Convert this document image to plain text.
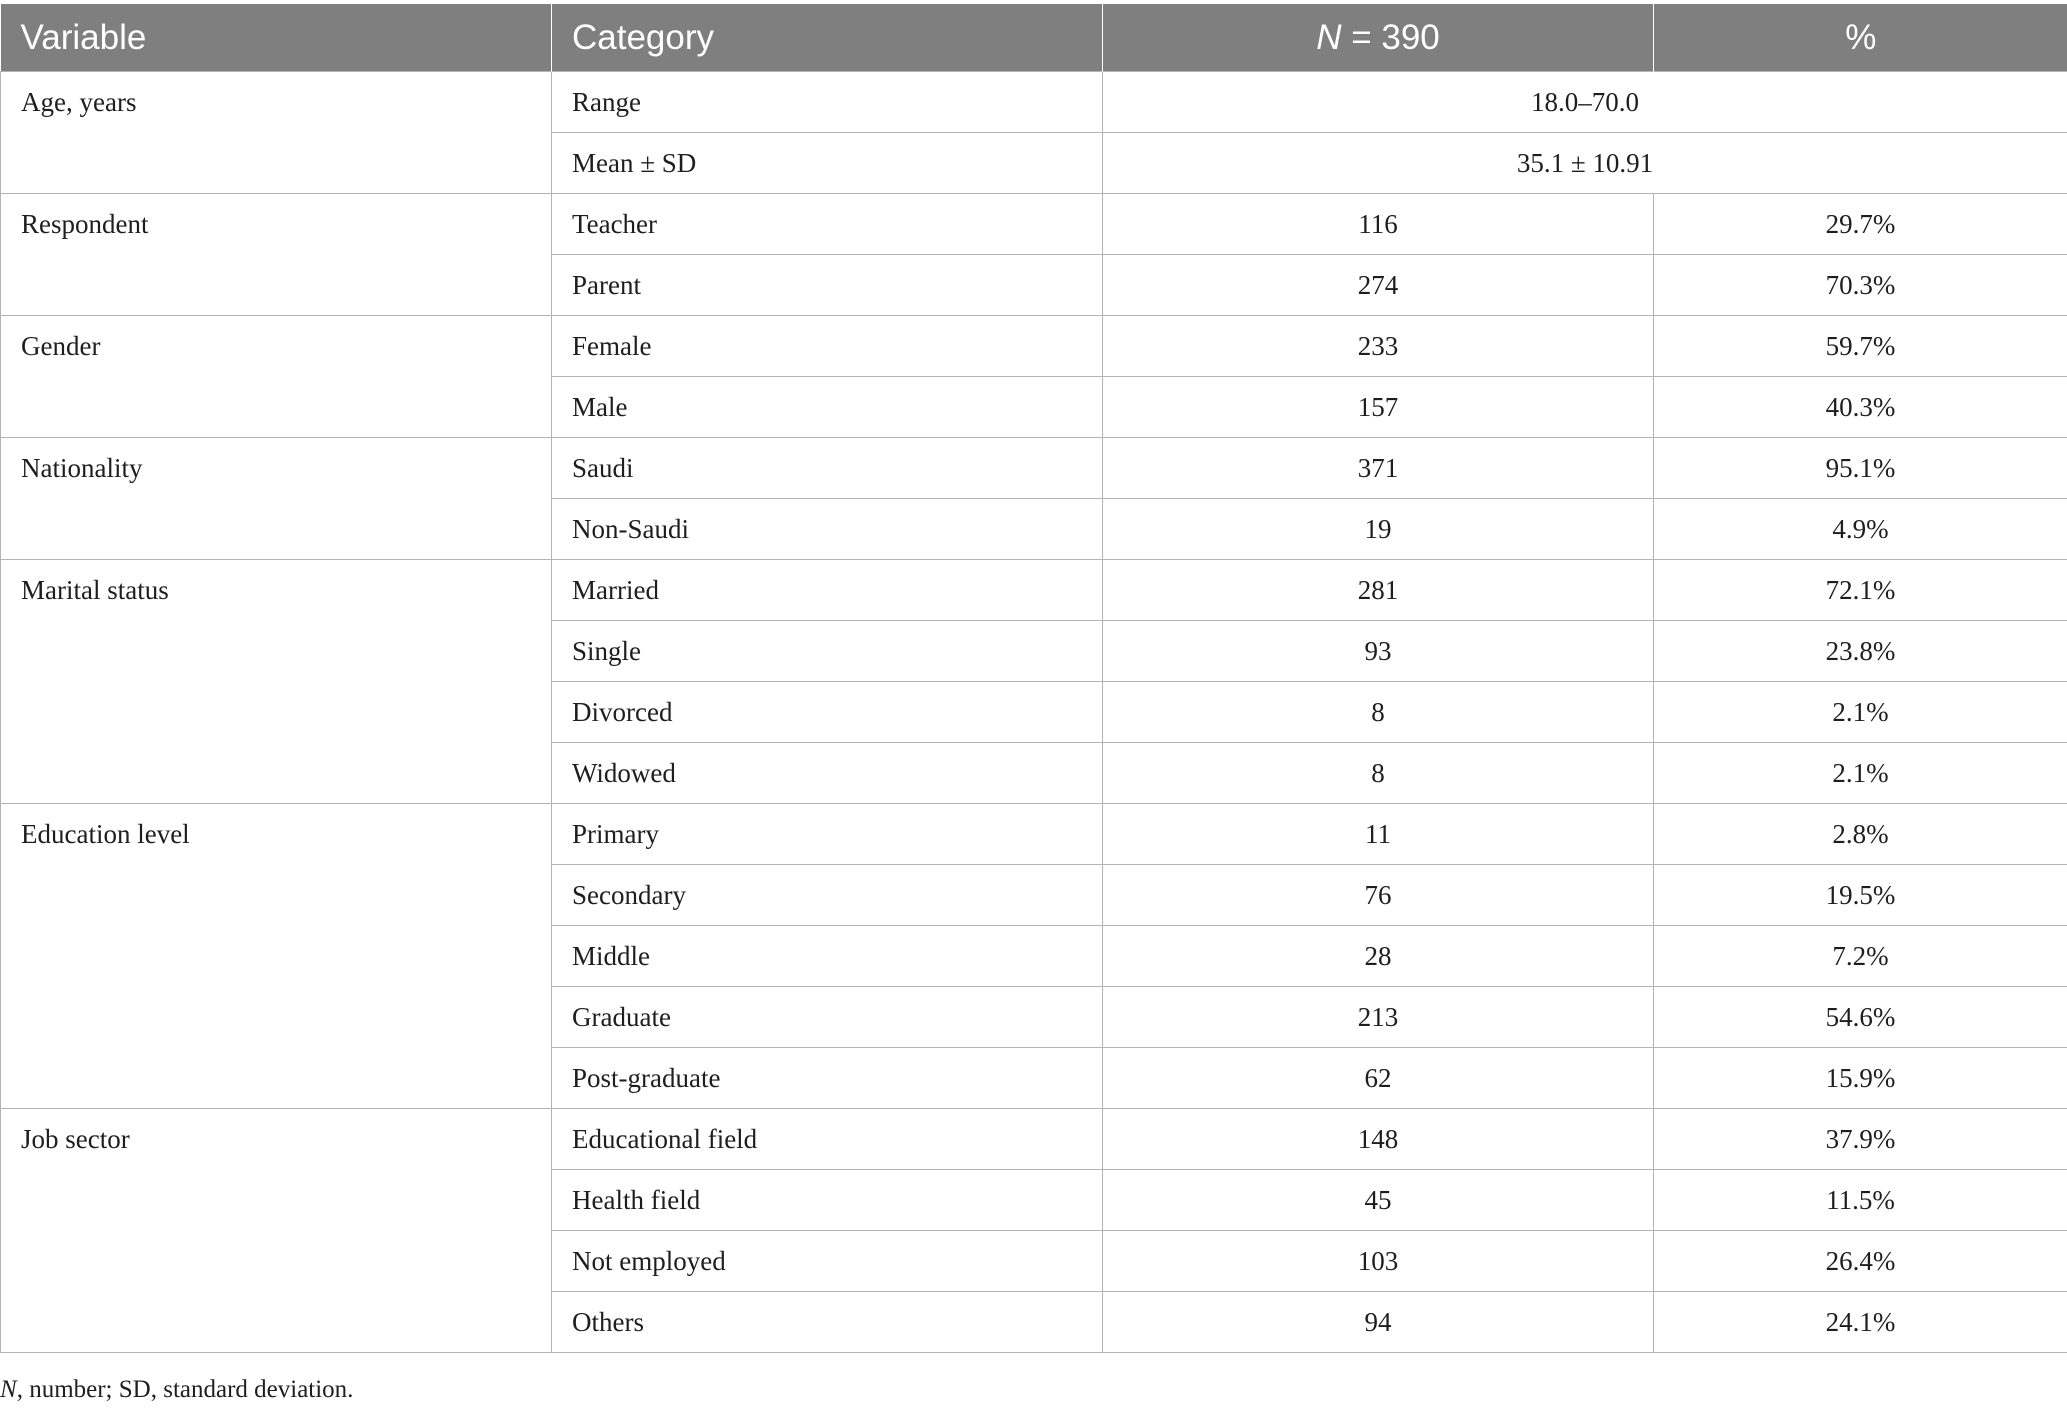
Variable	Category	N = 390	%
Age, years	Range	18.0–70.0	
	Mean ± SD	35.1 ± 10.91	
Respondent	Teacher	116	29.7%
	Parent	274	70.3%
Gender	Female	233	59.7%
	Male	157	40.3%
Nationality	Saudi	371	95.1%
	Non-Saudi	19	4.9%
Marital status	Married	281	72.1%
	Single	93	23.8%
	Divorced	8	2.1%
	Widowed	8	2.1%
Education level	Primary	11	2.8%
	Secondary	76	19.5%
	Middle	28	7.2%
	Graduate	213	54.6%
	Post-graduate	62	15.9%
Job sector	Educational field	148	37.9%
	Health field	45	11.5%
	Not employed	103	26.4%
	Others	94	24.1%
N, number; SD, standard deviation.
